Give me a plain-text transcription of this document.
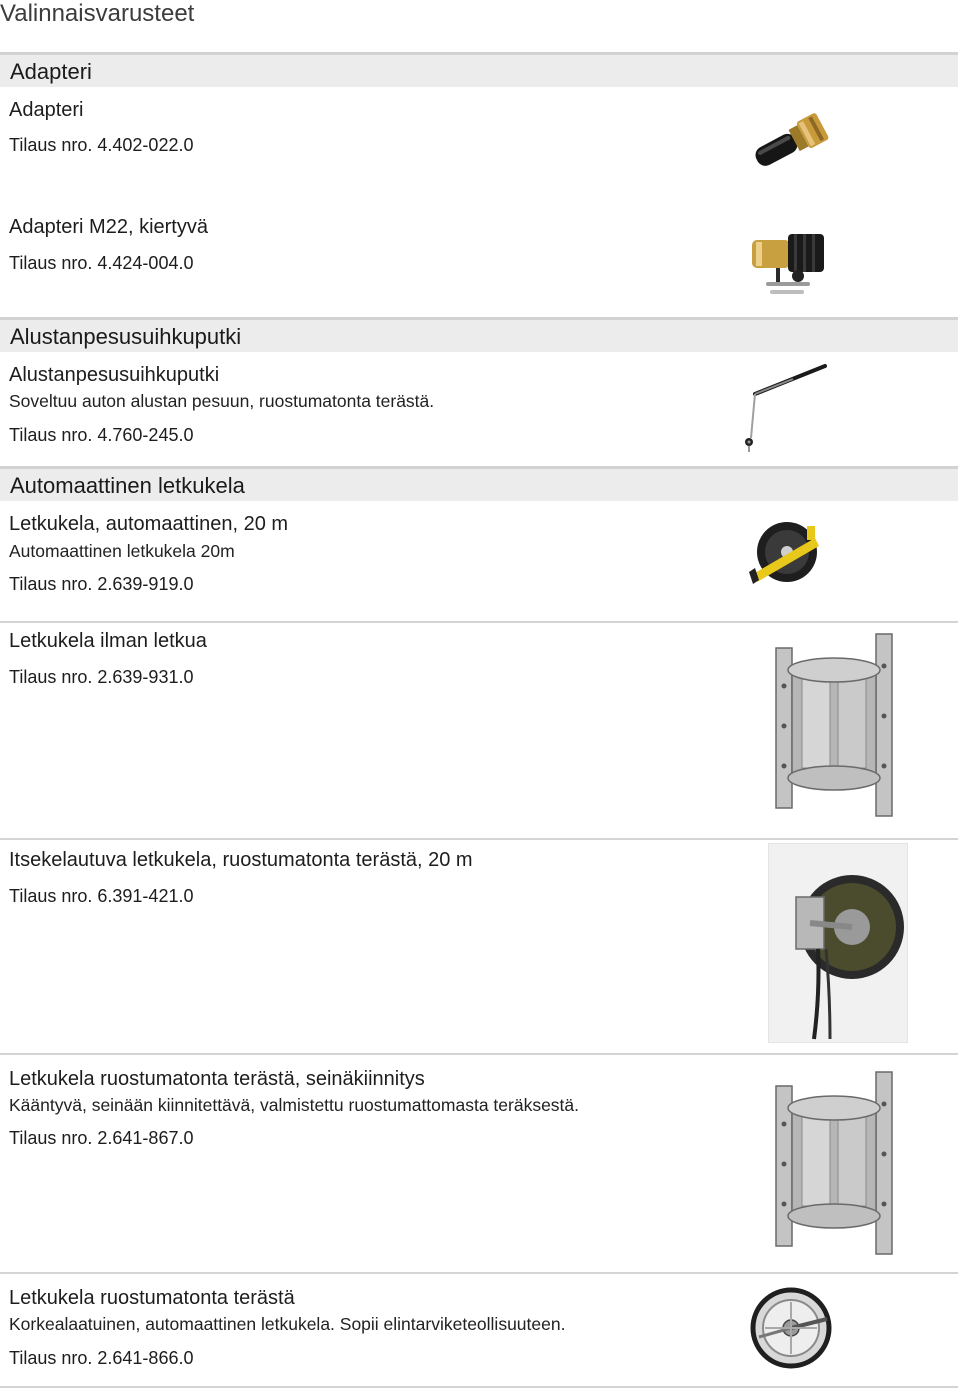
Valinnaisvarusteet
Adapteri
Adapteri
Tilaus nro. 4.402-022.0
Adapteri M22, kiertyvä
Tilaus nro. 4.424-004.0
Alustanpesusuihkuputki
Alustanpesusuihkuputki
Soveltuu auton alustan pesuun, ruostumatonta terästä.
Tilaus nro. 4.760-245.0
Automaattinen letkukela
Letkukela, automaattinen, 20 m
Automaattinen letkukela 20m
Tilaus nro. 2.639-919.0
Letkukela ilman letkua
Tilaus nro. 2.639-931.0
Itsekelautuva letkukela, ruostumatonta terästä, 20 m
Tilaus nro. 6.391-421.0
Letkukela ruostumatonta terästä, seinäkiinnitys
Kääntyvä, seinään kiinnitettävä, valmistettu ruostumattomasta teräksestä.
Tilaus nro. 2.641-867.0
Letkukela ruostumatonta terästä
Korkealaatuinen, automaattinen letkukela. Sopii elintarviketeollisuuteen.
Tilaus nro. 2.641-866.0
